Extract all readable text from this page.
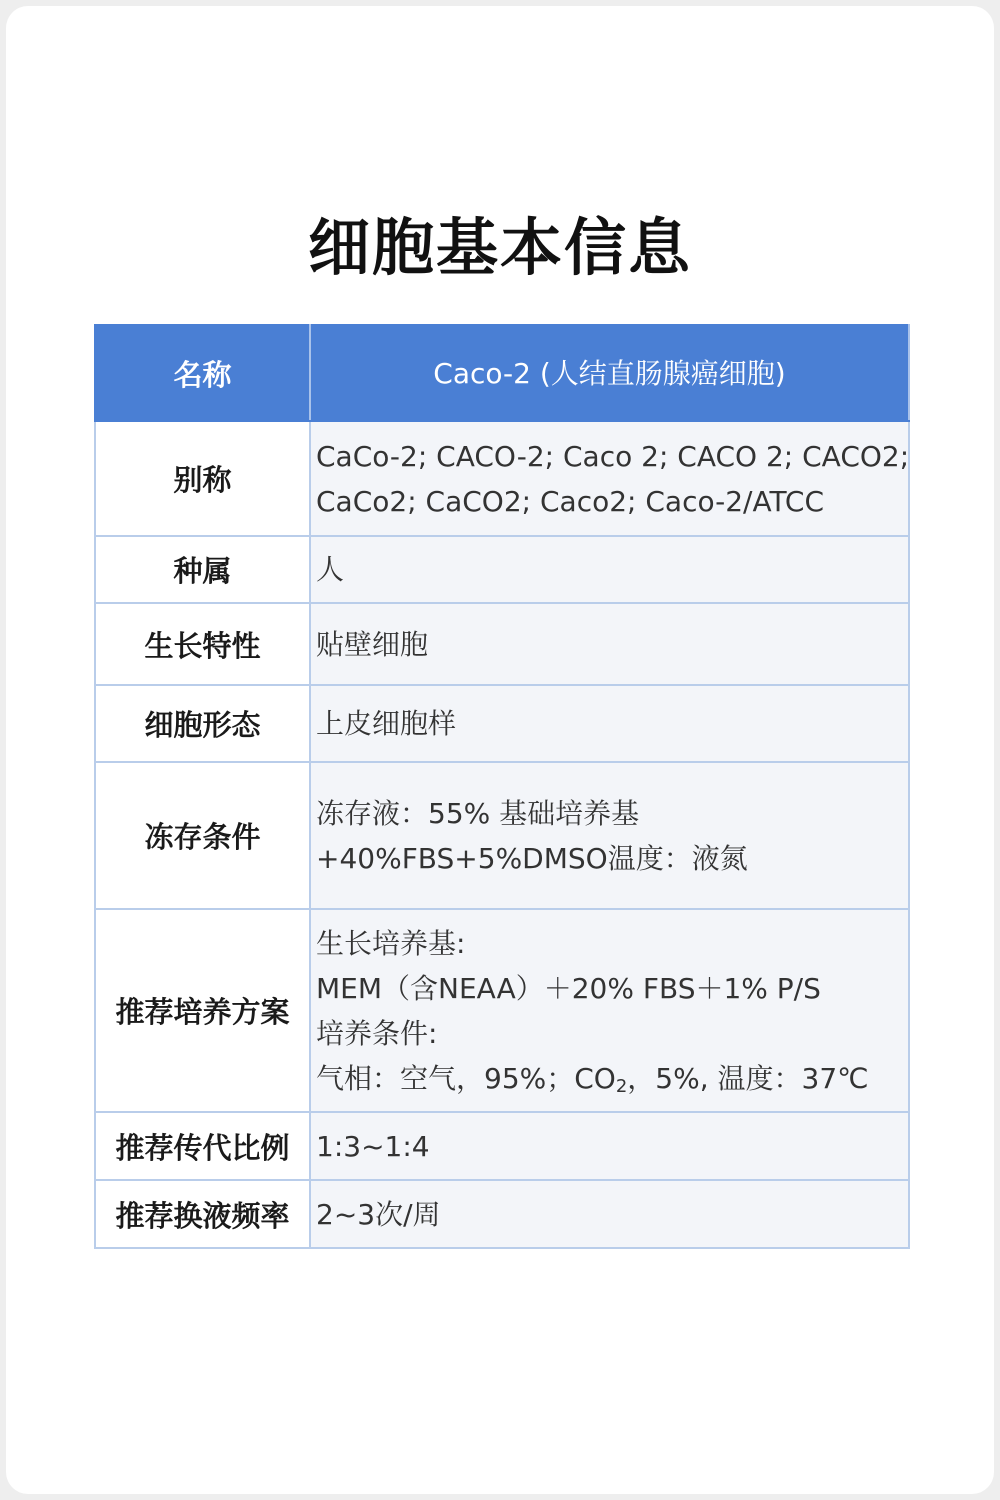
细胞基本信息
名称	Caco-2 (人结直肠腺癌细胞)
别称	CaCo-2; CACO-2; Caco 2; CACO 2; CACO2;
CaCo2; CaCO2; Caco2; Caco-2/ATCC

种属	人

生长特性	贴壁细胞

细胞形态	上皮细胞样

冻存条件	冻存液：55% 基础培养基
+40%FBS+5%DMSO温度：液氮

推荐培养方案	生长培养基:
MEM（含NEAA）＋20% FBS＋1% P/S
培养条件:
气相：空气，95%；$CO_2$，5%, 温度：37℃

推荐传代比例	1:3~1:4

推荐换液频率	2~3次/周
